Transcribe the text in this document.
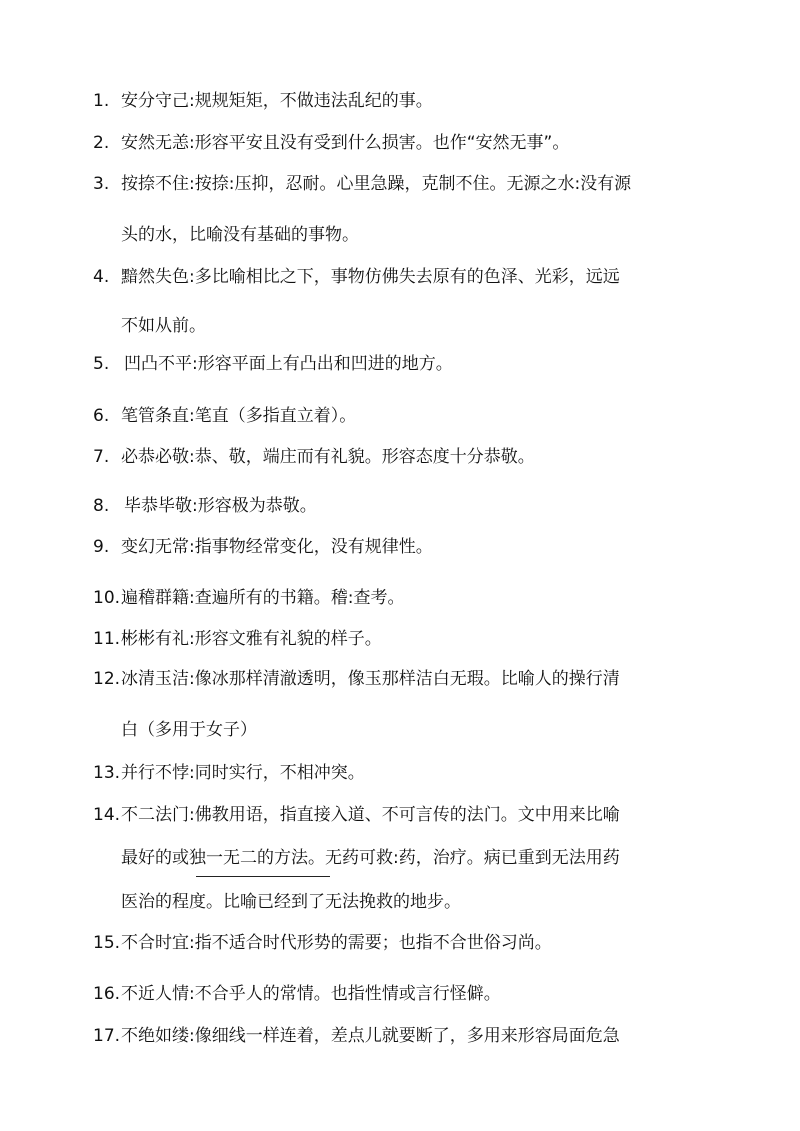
1. 安分守己:规规矩矩，不做违法乱纪的事。
2. 安然无恙:形容平安且没有受到什么损害。也作“安然无事”。
3. 按捺不住:按捺:压抑，忍耐。心里急躁，克制不住。无源之水:没有源
头的水，比喻没有基础的事物。
4. 黯然失色:多比喻相比之下，事物仿佛失去原有的色泽、光彩，远远
不如从前。
5. 凹凸不平:形容平面上有凸出和凹进的地方。
6. 笔管条直:笔直（多指直立着）。
7. 必恭必敬:恭、敬，端庄而有礼貌。形容态度十分恭敬。
8. 毕恭毕敬:形容极为恭敬。
9. 变幻无常:指事物经常变化，没有规律性。
10. 遍稽群籍:查遍所有的书籍。稽:查考。
11. 彬彬有礼:形容文雅有礼貌的样子。
12. 冰清玉洁:像冰那样清澈透明，像玉那样洁白无瑕。比喻人的操行清
白（多用于女子）
13. 并行不悖:同时实行，不相冲突。
14. 不二法门:佛教用语，指直接入道、不可言传的法门。文中用来比喻
最好的或独一无二的方法。无药可救:药，治疗。病已重到无法用药
医治的程度。比喻已经到了无法挽救的地步。
15. 不合时宜:指不适合时代形势的需要；也指不合世俗习尚。
16. 不近人情:不合乎人的常情。也指性情或言行怪僻。
17. 不绝如缕:像细线一样连着，差点儿就要断了，多用来形容局面危急
